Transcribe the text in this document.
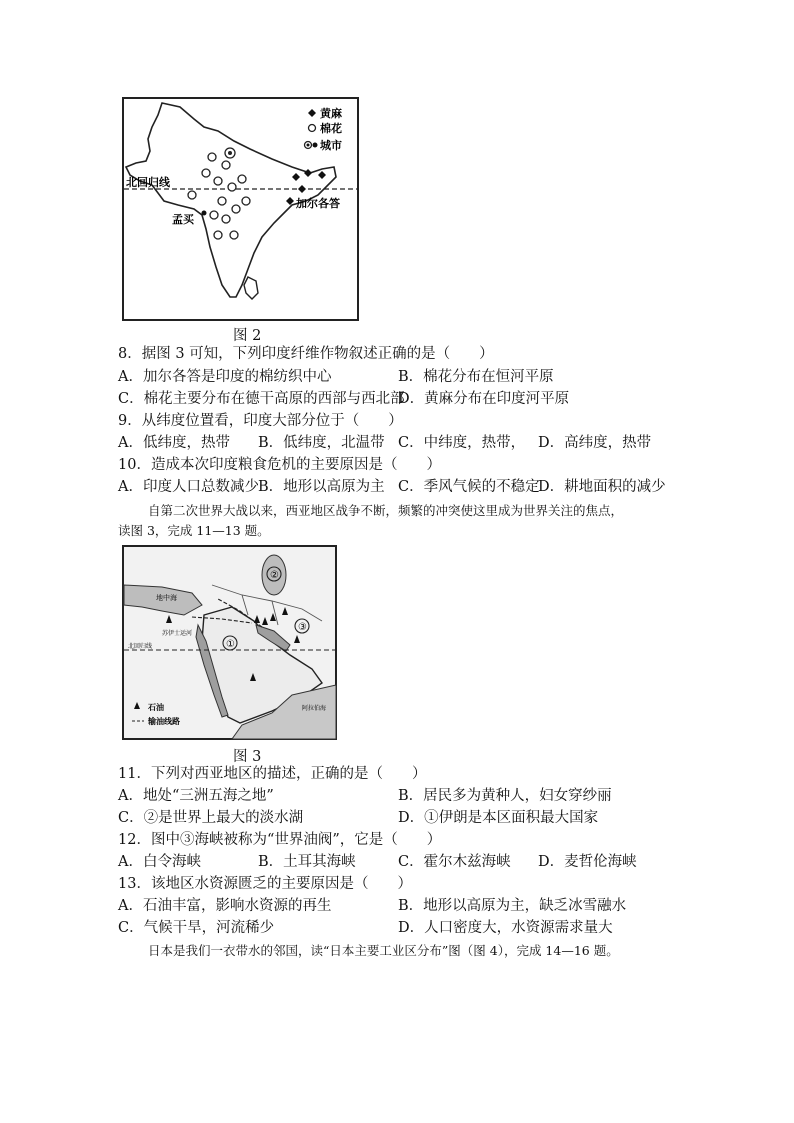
黄麻
棉花
城市
北回归线
孟买
加尔各答
图 2
8．据图 3 可知，下列印度纤维作物叙述正确的是（　　）
A．加尔各答是印度的棉纺织中心	B．棉花分布在恒河平原
C．棉花主要分布在德干高原的西部与西北部
D．黄麻分布在印度河平原
9．从纬度位置看，印度大部分位于（　　）
A．低纬度，热带 B．低纬度，北温带 C．中纬度，热带， D．高纬度，热带
10．造成本次印度粮食危机的主要原因是（　　）
A．印度人口总数减少 B．地形以高原为主 C．季风气候的不稳定
D．耕地面积的减少
自第二次世界大战以来，西亚地区战争不断，频繁的冲突使这里成为世界关注的焦点，
读图 3，完成 11—13 题。
①
②
③
地中海
苏伊士运河
北回归线
阿拉伯海
石油
输油线路
图 3
11．下列对西亚地区的描述，正确的是（　　）
A．地处“三洲五海之地”	B．居民多为黄种人，妇女穿纱丽
C．②是世界上最大的淡水湖	D．①伊朗是本区面积最大国家
12．图中③海峡被称为“世界油阀”，它是（　　）
A．白令海峡	B．土耳其海峡	C．霍尔木兹海峡 D．麦哲伦海峡
13．该地区水资源匮乏的主要原因是（　　）
A．石油丰富，影响水资源的再生	B．地形以高原为主，缺乏冰雪融水
C．气候干旱，河流稀少	D．人口密度大，水资源需求量大
日本是我们一衣带水的邻国，读“日本主要工业区分布”图（图 4），完成 14—16 题。
